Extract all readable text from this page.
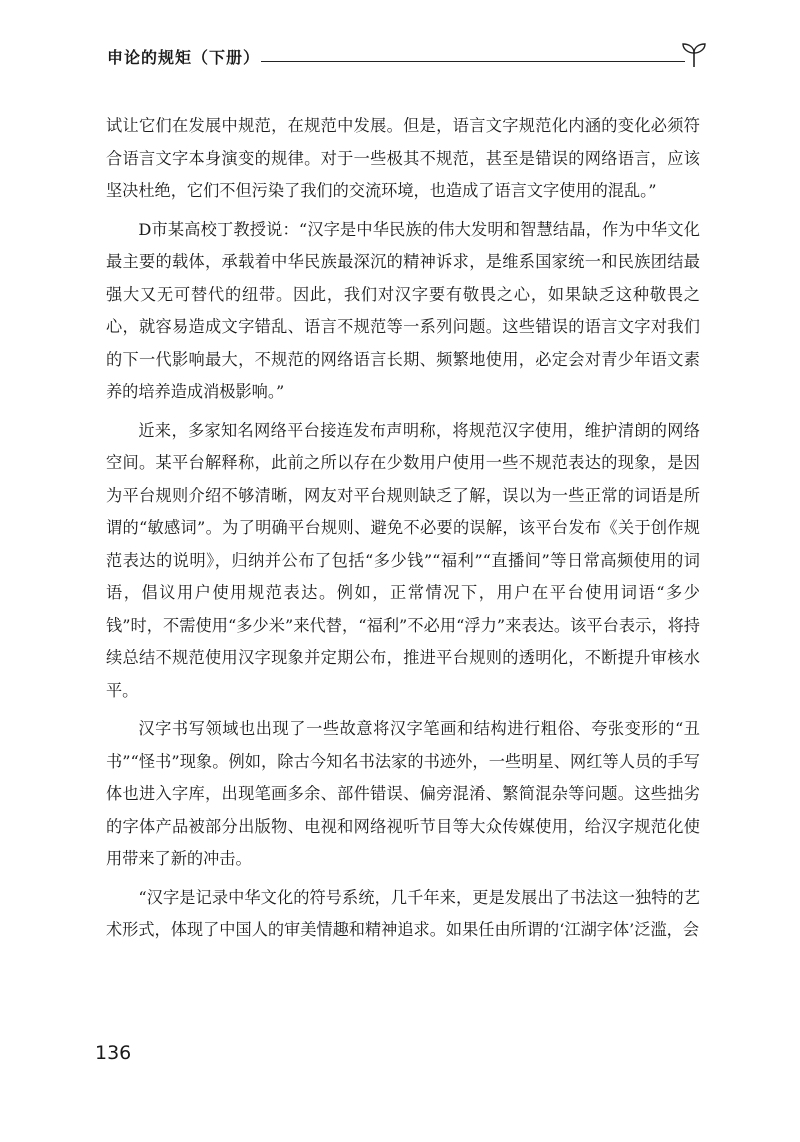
申论的规矩（下册）

试让它们在发展中规范，在规范中发展。但是，语言文字规范化内涵的变化必须符合语言文字本身演变的规律。对于一些极其不规范，甚至是错误的网络语言，应该坚决杜绝，它们不但污染了我们的交流环境，也造成了语言文字使用的混乱。”

D市某高校丁教授说：“汉字是中华民族的伟大发明和智慧结晶，作为中华文化最主要的载体，承载着中华民族最深沉的精神诉求，是维系国家统一和民族团结最强大又无可替代的纽带。因此，我们对汉字要有敬畏之心，如果缺乏这种敬畏之心，就容易造成文字错乱、语言不规范等一系列问题。这些错误的语言文字对我们的下一代影响最大，不规范的网络语言长期、频繁地使用，必定会对青少年语文素养的培养造成消极影响。”

近来，多家知名网络平台接连发布声明称，将规范汉字使用，维护清朗的网络空间。某平台解释称，此前之所以存在少数用户使用一些不规范表达的现象，是因为平台规则介绍不够清晰，网友对平台规则缺乏了解，误以为一些正常的词语是所谓的“敏感词”。为了明确平台规则、避免不必要的误解，该平台发布《关于创作规范表达的说明》，归纳并公布了包括“多少钱”“福利”“直播间”等日常高频使用的词语，倡议用户使用规范表达。例如，正常情况下，用户在平台使用词语“多少钱”时，不需使用“多少米”来代替，“福利”不必用“浮力”来表达。该平台表示，将持续总结不规范使用汉字现象并定期公布，推进平台规则的透明化，不断提升审核水平。

汉字书写领域也出现了一些故意将汉字笔画和结构进行粗俗、夸张变形的“丑书”“怪书”现象。例如，除古今知名书法家的书迹外，一些明星、网红等人员的手写体也进入字库，出现笔画多余、部件错误、偏旁混淆、繁简混杂等问题。这些拙劣的字体产品被部分出版物、电视和网络视听节目等大众传媒使用，给汉字规范化使用带来了新的冲击。

“汉字是记录中华文化的符号系统，几千年来，更是发展出了书法这一独特的艺术形式，体现了中国人的审美情趣和精神追求。如果任由所谓的‘江湖字体’泛滥，会

136
